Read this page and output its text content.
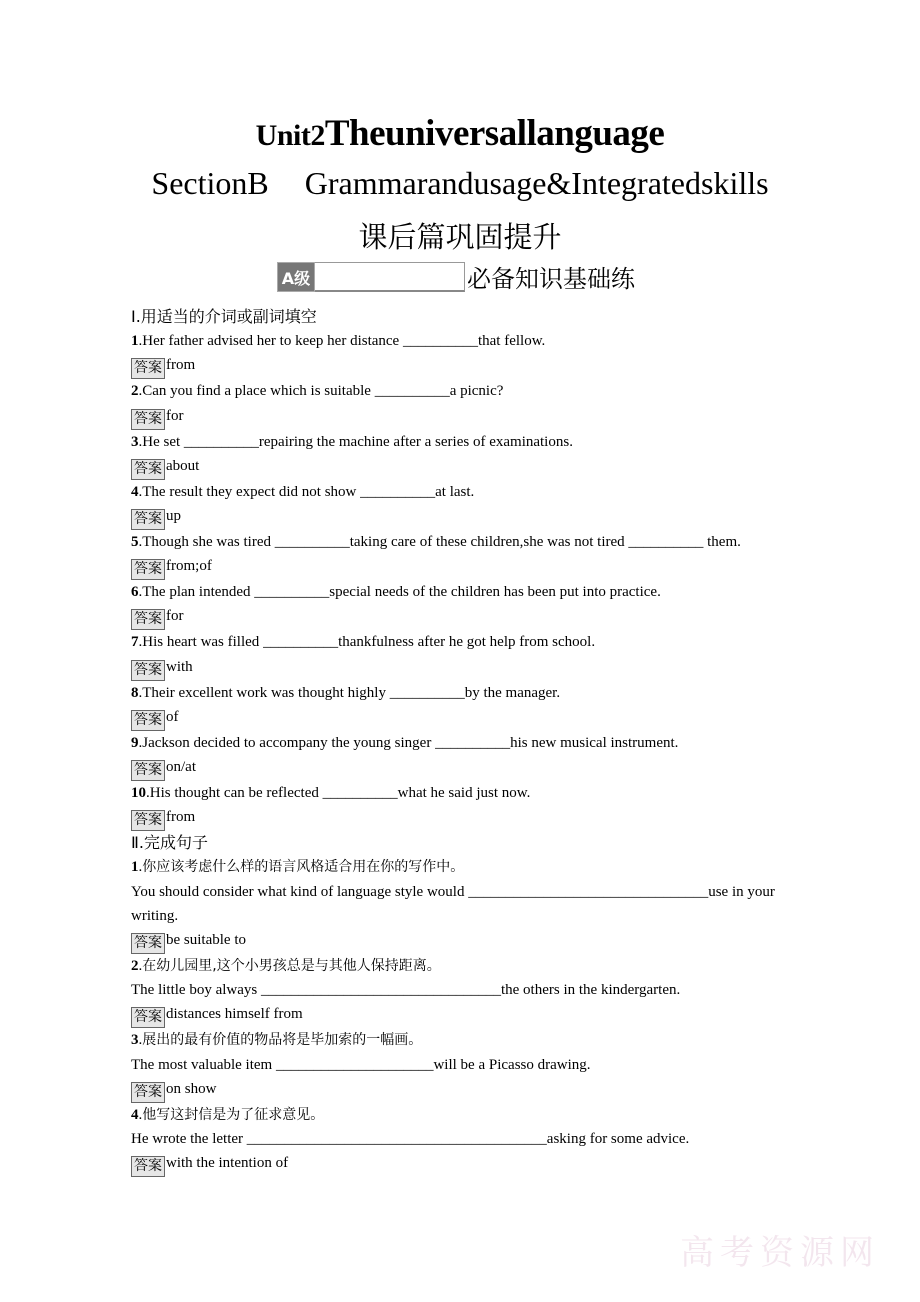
Unit2Theuniversallanguage
SectionB Grammarandusage&Integratedskills
课后篇巩固提升
A级	必备知识基础练
高考资源网
Ⅰ.用适当的介词或副词填空
1.Her father advised her to keep her distance __________that fellow.
答案 from
2.Can you find a place which is suitable __________a picnic?
答案 for
3.He set __________repairing the machine after a series of examinations.
答案 about
4.The result they expect did not show __________at last.
答案 up
5.Though she was tired __________taking care of these children,she was not tired __________ them.
答案 from;of
6.The plan intended __________special needs of the children has been put into practice.
答案 for
7.His heart was filled __________thankfulness after he got help from school.
答案 with
8.Their excellent work was thought highly __________by the manager.
答案 of
9.Jackson decided to accompany the young singer __________his new musical instrument.
答案 on/at
10.His thought can be reflected __________what he said just now.
答案 from
Ⅱ.完成句子
1.你应该考虑什么样的语言风格适合用在你的写作中。
You should consider what kind of language style would ________________________________use in your writing.
答案 be suitable to
2.在幼儿园里,这个小男孩总是与其他人保持距离。
The little boy always ________________________________the others in the kindergarten.
答案 distances himself from
3.展出的最有价值的物品将是毕加索的一幅画。
The most valuable item _____________________will be a Picasso drawing.
答案 on show
4.他写这封信是为了征求意见。
He wrote the letter ________________________________________asking for some advice.
答案 with the intention of
